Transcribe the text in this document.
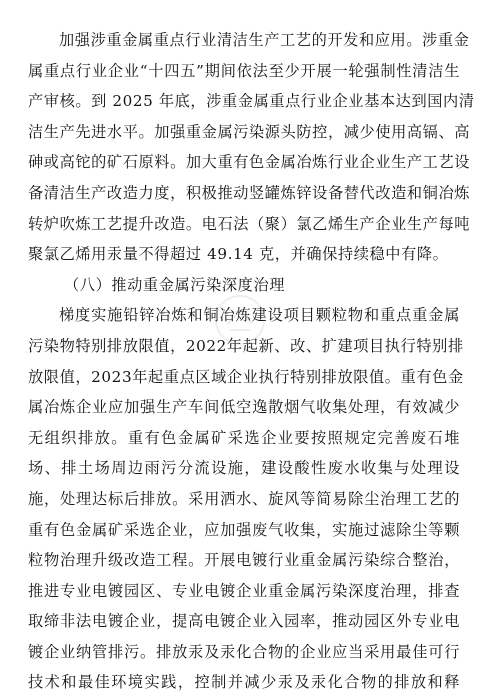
加强涉重金属重点行业清洁生产工艺的开发和应用。涉重金
属重点行业企业“十四五”期间依法至少开展一轮强制性清洁生
产审核。到 2025 年底，涉重金属重点行业企业基本达到国内清
洁生产先进水平。加强重金属污染源头防控，减少使用高镉、高
砷或高铊的矿石原料。加大重有色金属冶炼行业企业生产工艺设
备清洁生产改造力度，积极推动竖罐炼锌设备替代改造和铜冶炼
转炉吹炼工艺提升改造。电石法（聚）氯乙烯生产企业生产每吨
聚氯乙烯用汞量不得超过 49.14 克，并确保持续稳中有降。
（八）推动重金属污染深度治理
梯度实施铅锌冶炼和铜冶炼建设项目颗粒物和重点重金属
污染物特别排放限值，2022年起新、改、扩建项目执行特别排
放限值，2023年起重点区域企业执行特别排放限值。重有色金
属冶炼企业应加强生产车间低空逸散烟气收集处理，有效减少
无组织排放。重有色金属矿采选企业要按照规定完善废石堆
场、排土场周边雨污分流设施，建设酸性废水收集与处理设
施，处理达标后排放。采用洒水、旋风等简易除尘治理工艺的
重有色金属矿采选企业，应加强废气收集，实施过滤除尘等颗
粒物治理升级改造工程。开展电镀行业重金属污染综合整治，
推进专业电镀园区、专业电镀企业重金属污染深度治理，排查
取缔非法电镀企业，提高电镀企业入园率，推动园区外专业电
镀企业纳管排污。排放汞及汞化合物的企业应当采用最佳可行
技术和最佳环境实践，控制并减少汞及汞化合物的排放和释
